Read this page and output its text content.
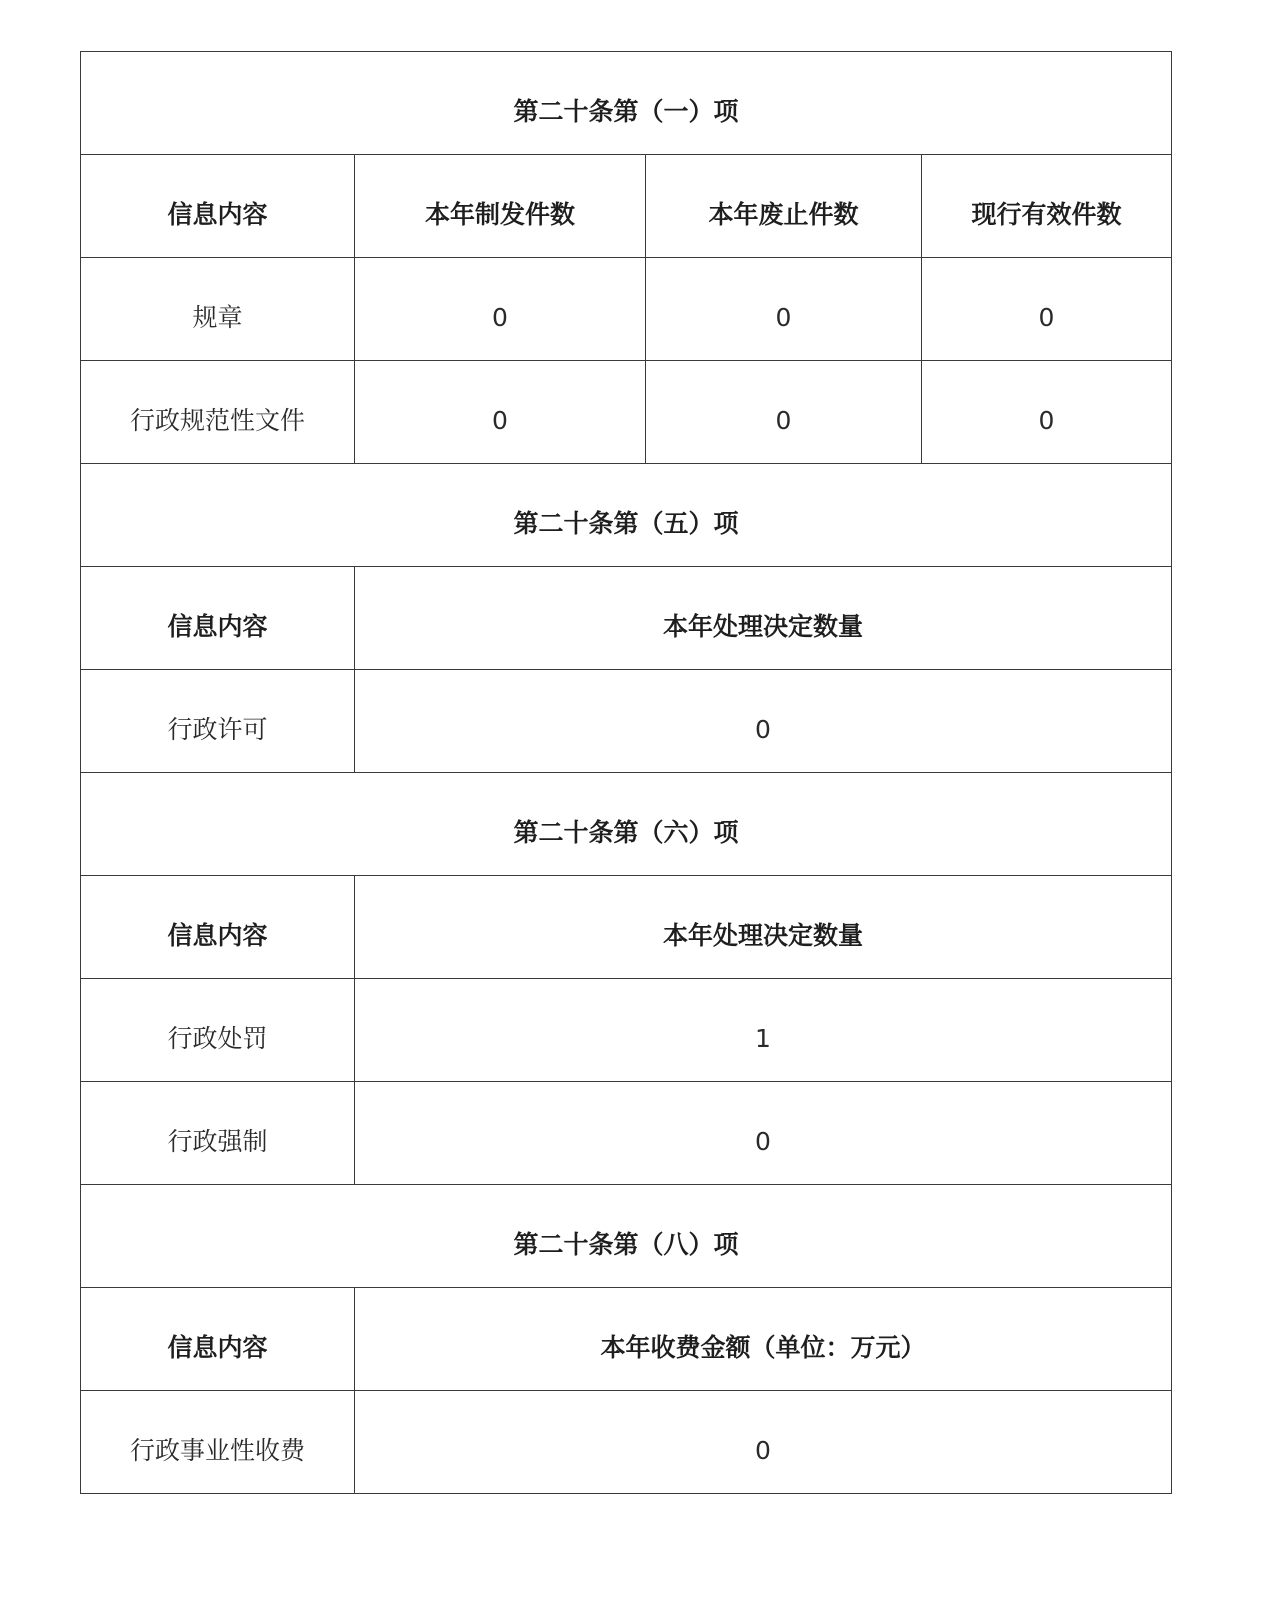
第二十条第（一）项			
信息内容	本年制发件数	本年废止件数	现行有效件数
规章	0	0	0
行政规范性文件	0	0	0
第二十条第（五）项			
信息内容	本年处理决定数量		
行政许可	0		
第二十条第（六）项			
信息内容	本年处理决定数量		
行政处罚	1		
行政强制	0		
第二十条第（八）项			
信息内容	本年收费金额（单位：万元）		
行政事业性收费	0		
